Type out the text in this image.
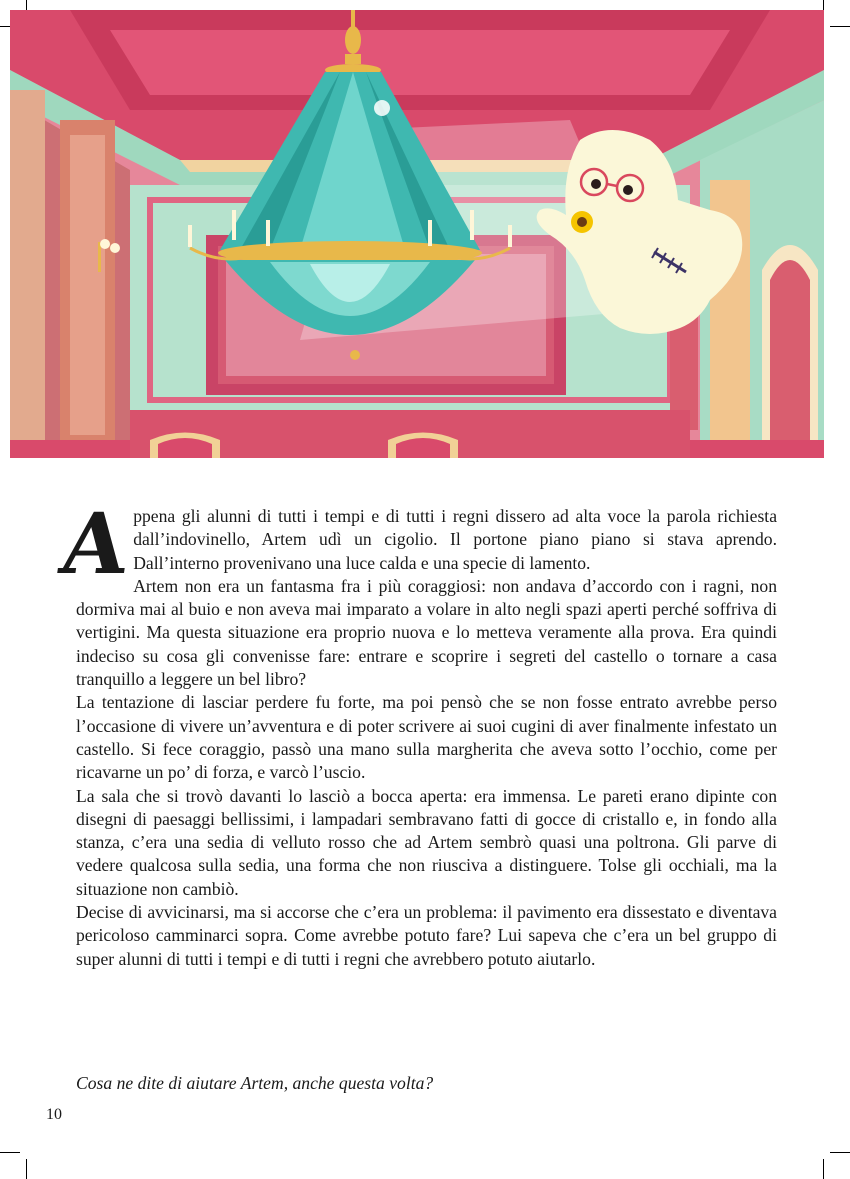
A
ppena gli alunni di tutti i tempi e di tutti i regni dissero ad alta voce la parola richiesta dall’indovinello, Artem udì un cigolio. Il portone piano piano si stava aprendo. Dall’interno provenivano una luce calda e una specie di lamento.

Artem non era un fantasma fra i più coraggiosi: non andava d’accordo con i ragni, non dormiva mai al buio e non aveva mai imparato a volare in alto negli spazi aperti perché soffriva di vertigini. Ma questa situazione era proprio nuova e lo metteva veramente alla prova. Era quindi indeciso su cosa gli convenisse fare: entrare e scoprire i segreti del castello o tornare a casa tranquillo a leggere un bel libro?

La tentazione di lasciar perdere fu forte, ma poi pensò che se non fosse entrato avrebbe perso l’occasione di vivere un’avventura e di poter scrivere ai suoi cugini di aver finalmente infestato un castello. Si fece coraggio, passò una mano sulla margherita che aveva sotto l’occhio, come per ricavarne un po’ di forza, e varcò l’uscio.

La sala che si trovò davanti lo lasciò a bocca aperta: era immensa. Le pareti erano dipinte con disegni di paesaggi bellissimi, i lampadari sembravano fatti di gocce di cristallo e, in fondo alla stanza, c’era una sedia di velluto rosso che ad Artem sembrò quasi una poltrona. Gli parve di vedere qualcosa sulla sedia, una forma che non riusciva a distinguere. Tolse gli occhiali, ma la situazione non cambiò.

Decise di avvicinarsi, ma si accorse che c’era un problema: il pavimento era dissestato e diventava pericoloso camminarci sopra. Come avrebbe potuto fare? Lui sapeva che c’era un bel gruppo di super alunni di tutti i tempi e di tutti i regni che avrebbero potuto aiutarlo.

Cosa ne dite di aiutare Artem, anche questa volta?
10
